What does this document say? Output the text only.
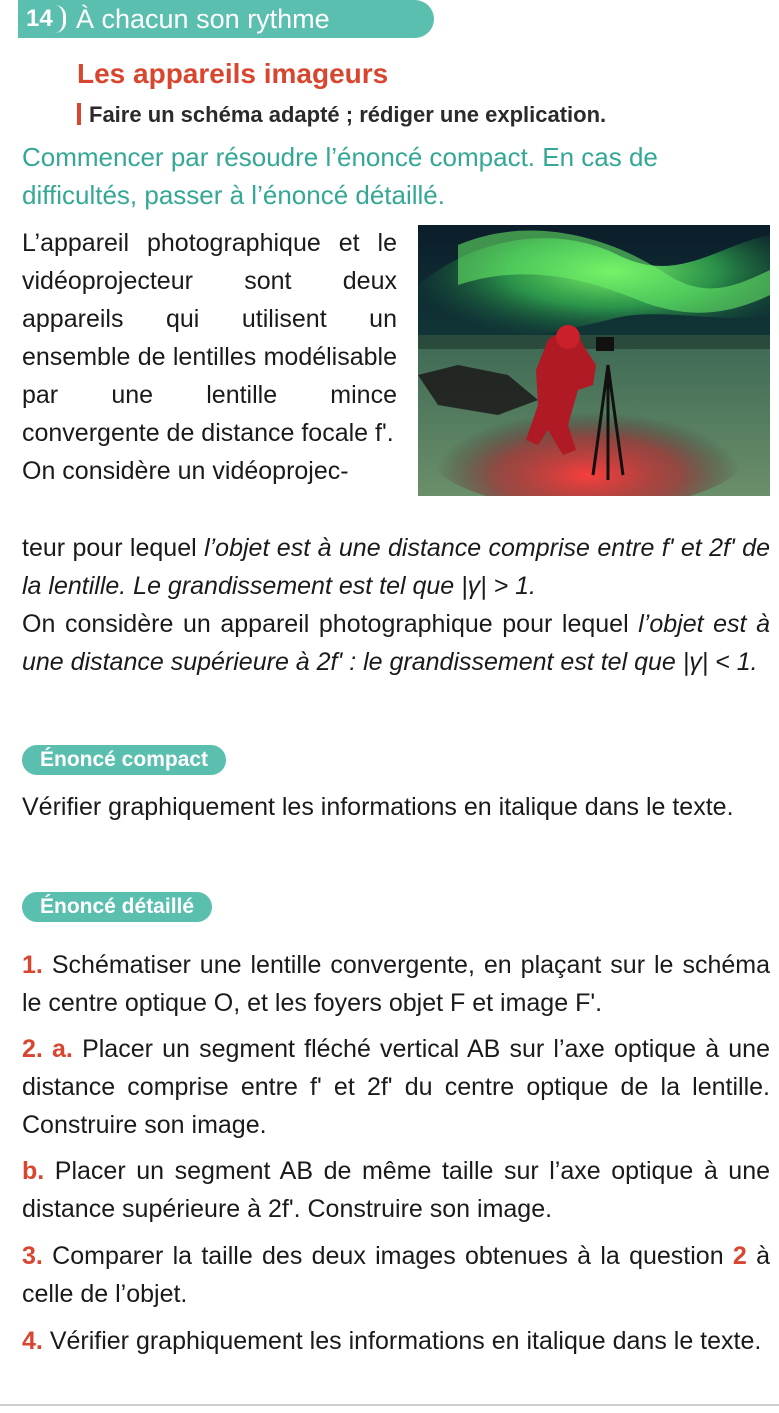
14 À chacun son rythme
Les appareils imageurs
Faire un schéma adapté ; rédiger une explication.
Commencer par résoudre l’énoncé compact. En cas de difficultés, passer à l’énoncé détaillé.

L’appareil photographique et le vidéoprojecteur sont deux appareils qui utilisent un ensemble de lentilles modélisable par une lentille mince convergente de distance focale f'.

On considère un vidéoprojec-

teur pour lequel l’objet est à une distance comprise entre f' et 2f' de la lentille. Le grandissement est tel que |γ| > 1.

On considère un appareil photographique pour lequel l’objet est à une distance supérieure à 2f' : le grandissement est tel que |γ| < 1.

Énoncé compact

Vérifier graphiquement les informations en italique dans le texte.

Énoncé détaillé

1. Schématiser une lentille convergente, en plaçant sur le schéma le centre optique O, et les foyers objet F et image F'.

2. a. Placer un segment fléché vertical AB sur l’axe optique à une distance comprise entre f' et 2f' du centre optique de la lentille. Construire son image.

b. Placer un segment AB de même taille sur l’axe optique à une distance supérieure à 2f'. Construire son image.

3. Comparer la taille des deux images obtenues à la question 2 à celle de l’objet.

4. Vérifier graphiquement les informations en italique dans le texte.
